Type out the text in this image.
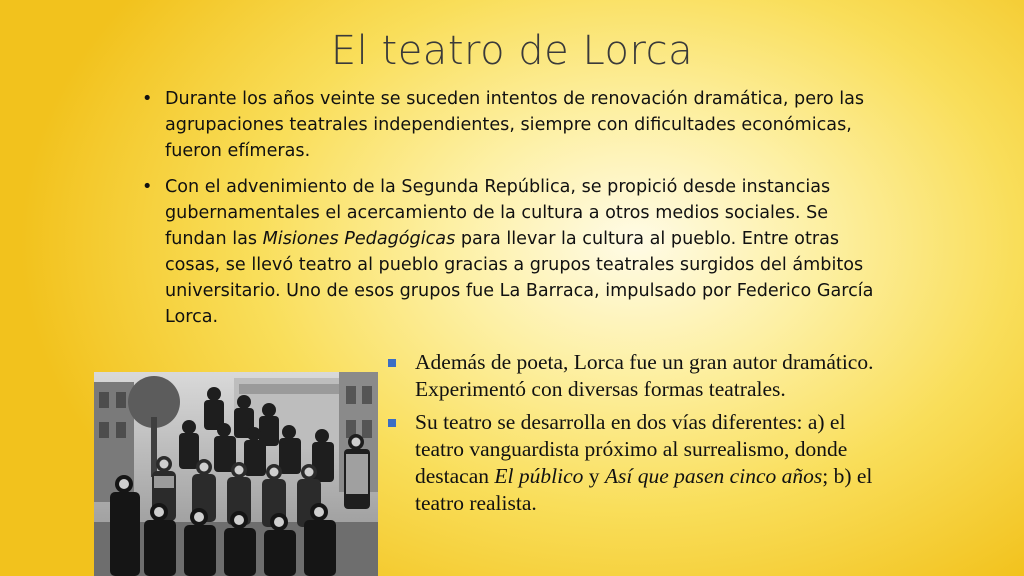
El teatro de Lorca
• Durante los años veinte se suceden intentos de renovación dramática, pero las agrupaciones teatrales independientes, siempre con dificultades económicas, fueron efímeras.
• Con el advenimiento de la Segunda República, se propició desde instancias gubernamentales el acercamiento de la cultura a otros medios sociales. Se fundan las Misiones Pedagógicas para llevar la cultura al pueblo. Entre otras cosas, se llevó teatro al pueblo gracias a grupos teatrales surgidos del ámbitos universitario. Uno de esos grupos fue La Barraca, impulsado por Federico García Lorca.
Además de poeta, Lorca fue un gran autor dramático. Experimentó con diversas formas teatrales.
Su teatro se desarrolla en dos vías diferentes: a) el teatro vanguardista próximo al surrealismo, donde destacan El público y Así que pasen cinco años; b) el teatro realista.
